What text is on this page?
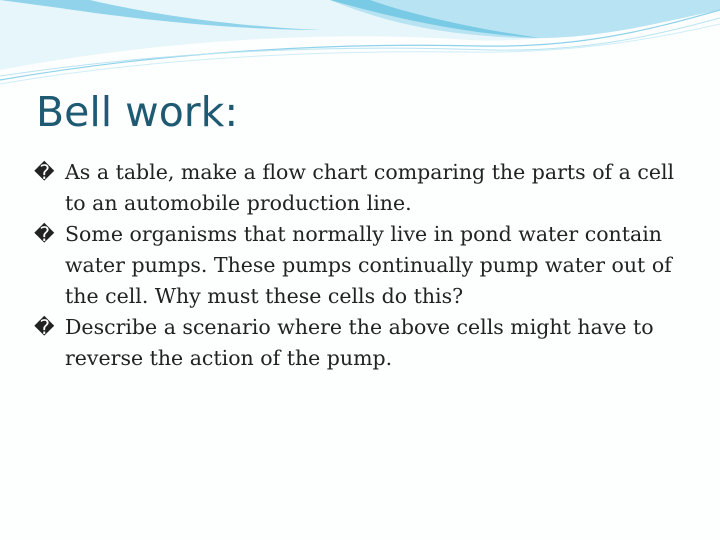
Bell work:
� As a table, make a flow chart comparing the parts of a cell to an automobile production line.
� Some organisms that normally live in pond water contain water pumps. These pumps continually pump water out of the cell. Why must these cells do this?
� Describe a scenario where the above cells might have to reverse the action of the pump.
